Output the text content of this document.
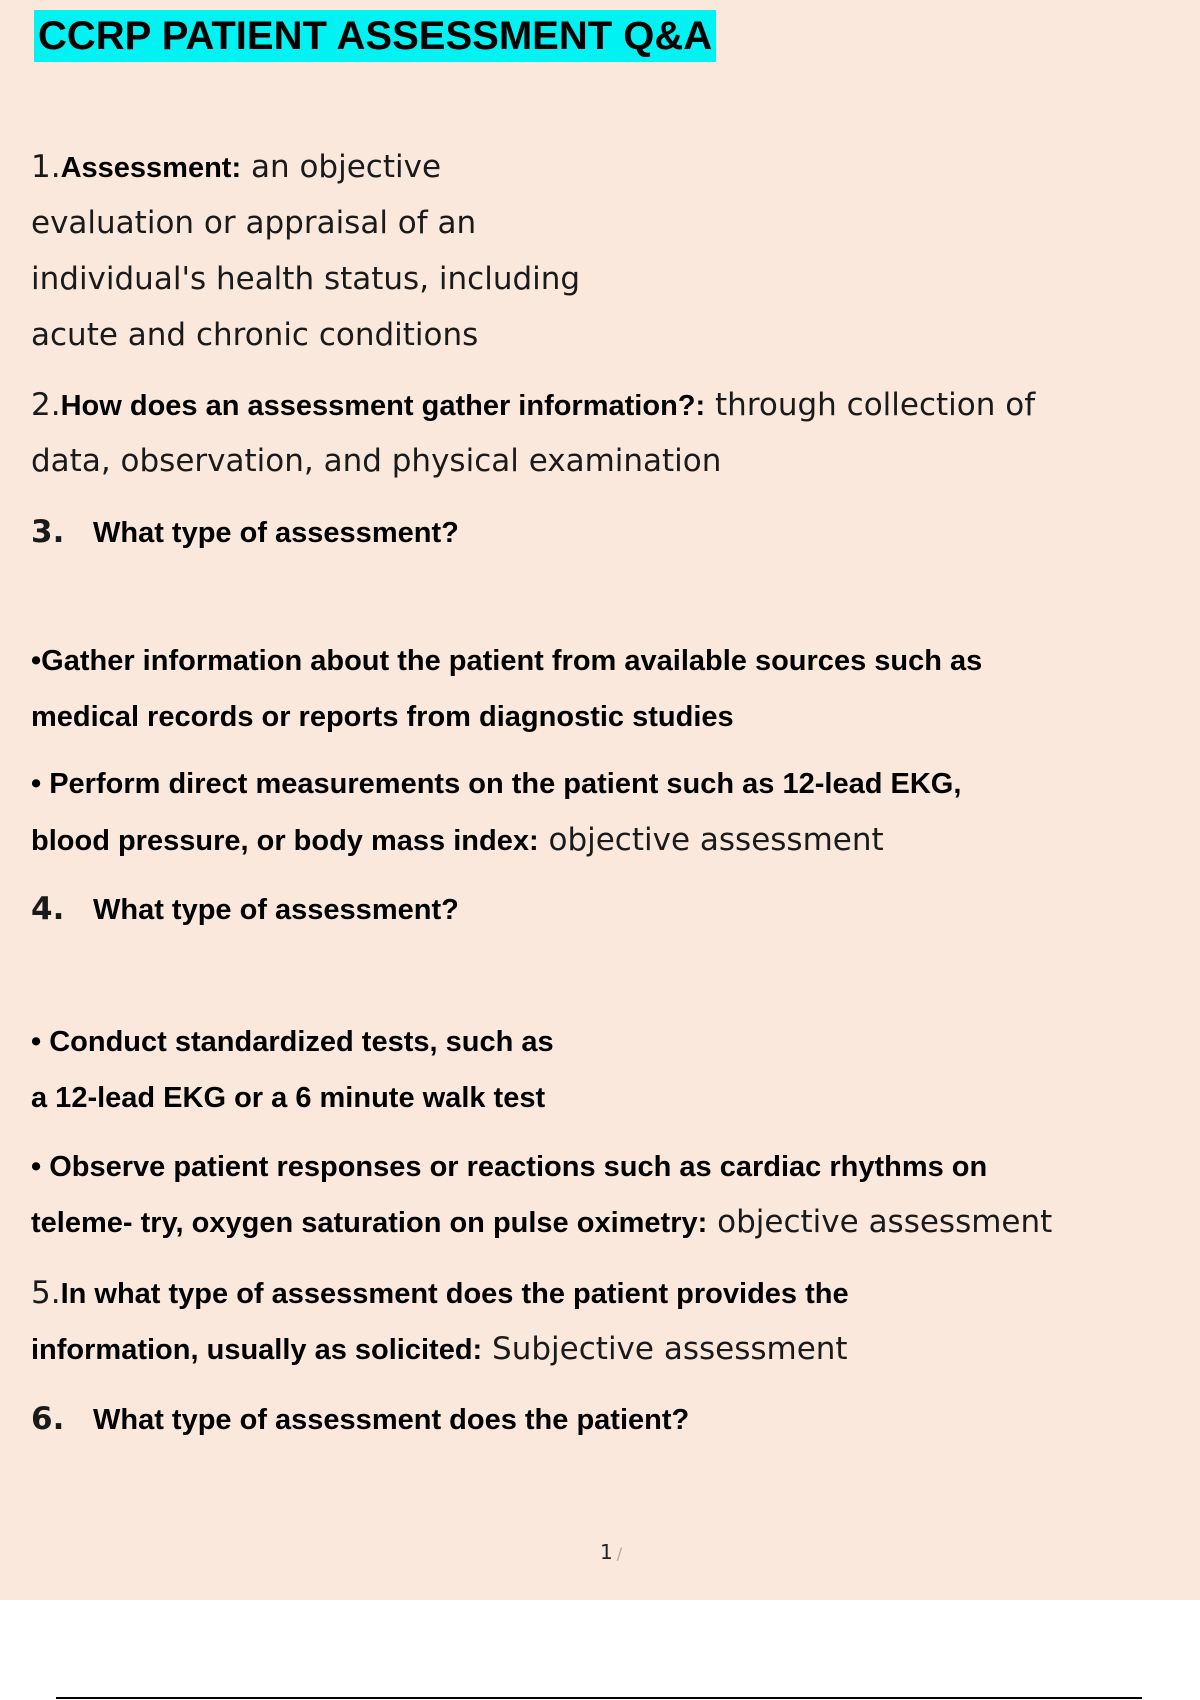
CCRP PATIENT ASSESSMENT Q&A

1.Assessment: an objective

evaluation or appraisal of an

individual's health status, including

acute and chronic conditions

2.How does an assessment gather information?: through collection of

data, observation, and physical examination

3. What type of assessment?

•Gather information about the patient from available sources such as

medical records or reports from diagnostic studies

• Perform direct measurements on the patient such as 12-lead EKG,

blood pressure, or body mass index: objective assessment

4. What type of assessment?

• Conduct standardized tests, such as

a 12-lead EKG or a 6 minute walk test

• Observe patient responses or reactions such as cardiac rhythms on

teleme- try, oxygen saturation on pulse oximetry: objective assessment

5.In what type of assessment does the patient provides the

information, usually as solicited: Subjective assessment

6. What type of assessment does the patient?

1 /
